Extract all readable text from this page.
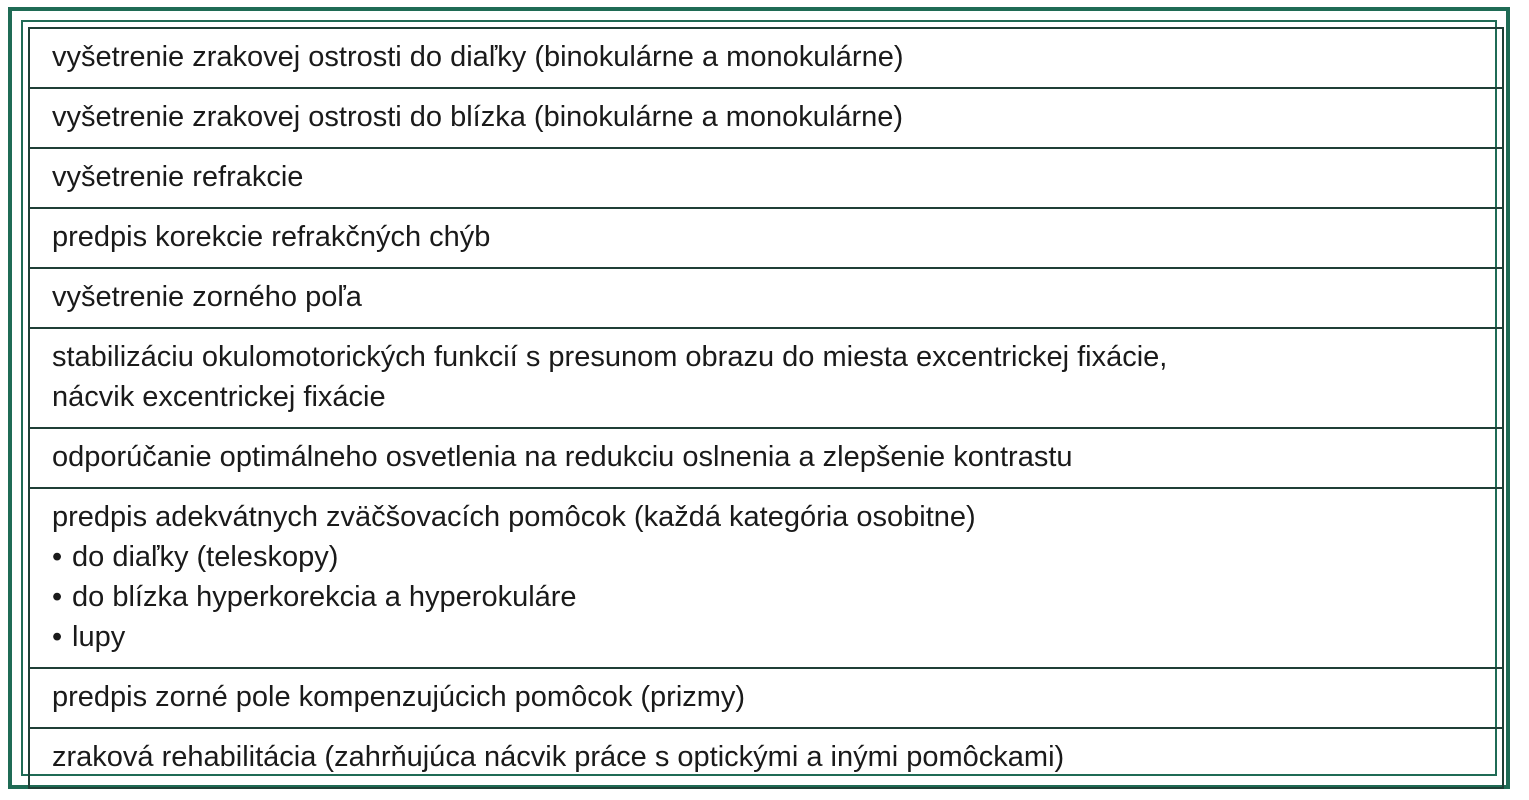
vyšetrenie zrakovej ostrosti do diaľky (binokulárne a monokulárne)

vyšetrenie zrakovej ostrosti do blízka (binokulárne a monokulárne)

vyšetrenie refrakcie

predpis korekcie refrakčných chýb

vyšetrenie zorného poľa

stabilizáciu okulomotorických funkcií s presunom obrazu do miesta excentrickej fixácie,
nácvik excentrickej fixácie

odporúčanie optimálneho osvetlenia na redukciu oslnenia a zlepšenie kontrastu

predpis adekvátnych zväčšovacích pomôcok (každá kategória osobitne)
• do diaľky (teleskopy)
• do blízka hyperkorekcia a hyperokuláre
• lupy

predpis zorné pole kompenzujúcich pomôcok (prizmy)

zraková rehabilitácia (zahrňujúca nácvik práce s optickými a inými pomôckami)
